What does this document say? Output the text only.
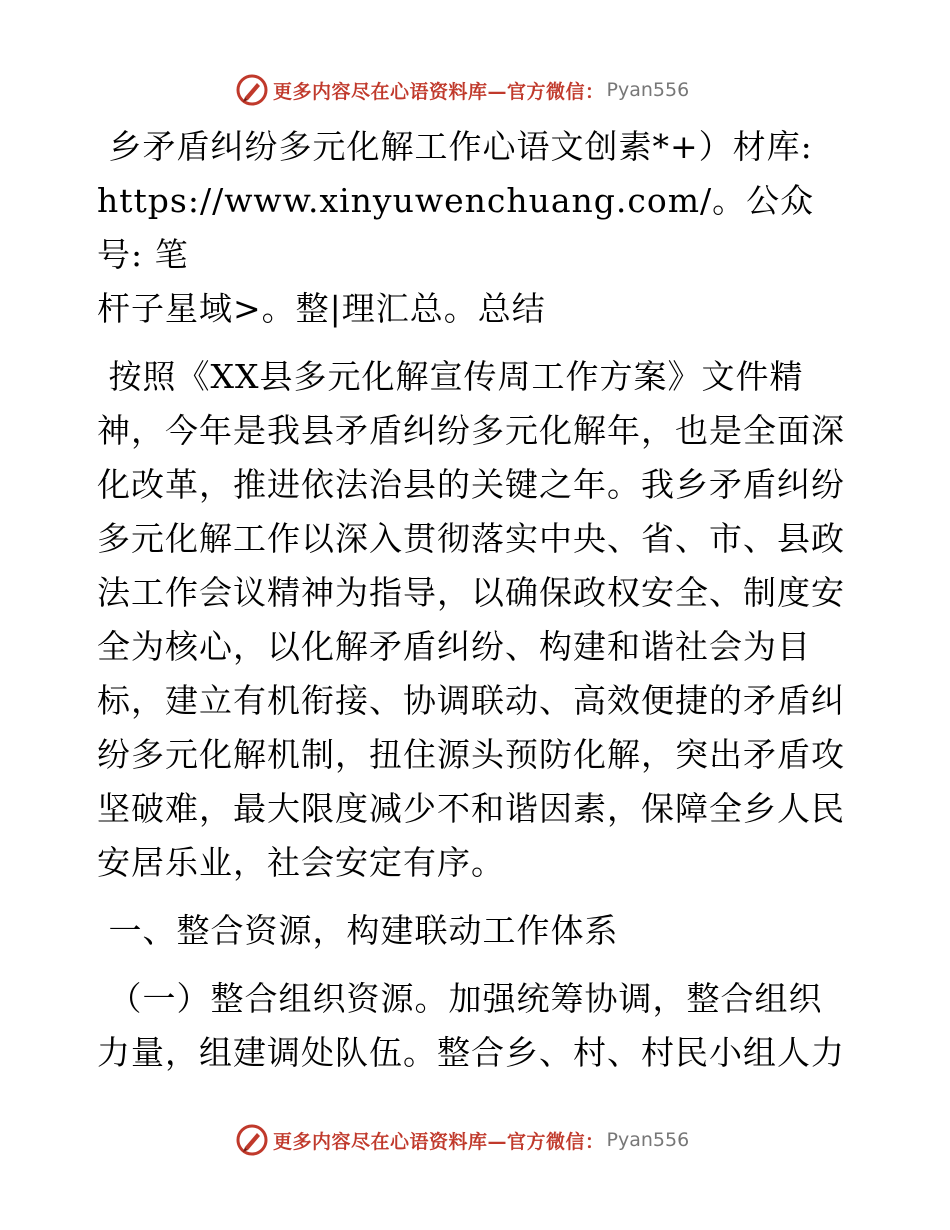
更多内容尽在心语资料库—官方微信： Pyan556

乡矛盾纠纷多元化解工作心语文创素*+）材库:
https://www.xinyuwenchuang.com/。公众号: 笔
杆子星域>。整|理汇总。总结

按照《XX县多元化解宣传周工作方案》文件精
神，今年是我县矛盾纠纷多元化解年，也是全面深
化改革，推进依法治县的关键之年。我乡矛盾纠纷
多元化解工作以深入贯彻落实中央、省、市、县政
法工作会议精神为指导，以确保政权安全、制度安
全为核心，以化解矛盾纠纷、构建和谐社会为目
标，建立有机衔接、协调联动、高效便捷的矛盾纠
纷多元化解机制，扭住源头预防化解，突出矛盾攻
坚破难，最大限度减少不和谐因素，保障全乡人民
安居乐业，社会安定有序。

一、整合资源，构建联动工作体系

（一）整合组织资源。加强统筹协调，整合组织
力量，组建调处队伍。整合乡、村、村民小组人力

更多内容尽在心语资料库—官方微信： Pyan556
